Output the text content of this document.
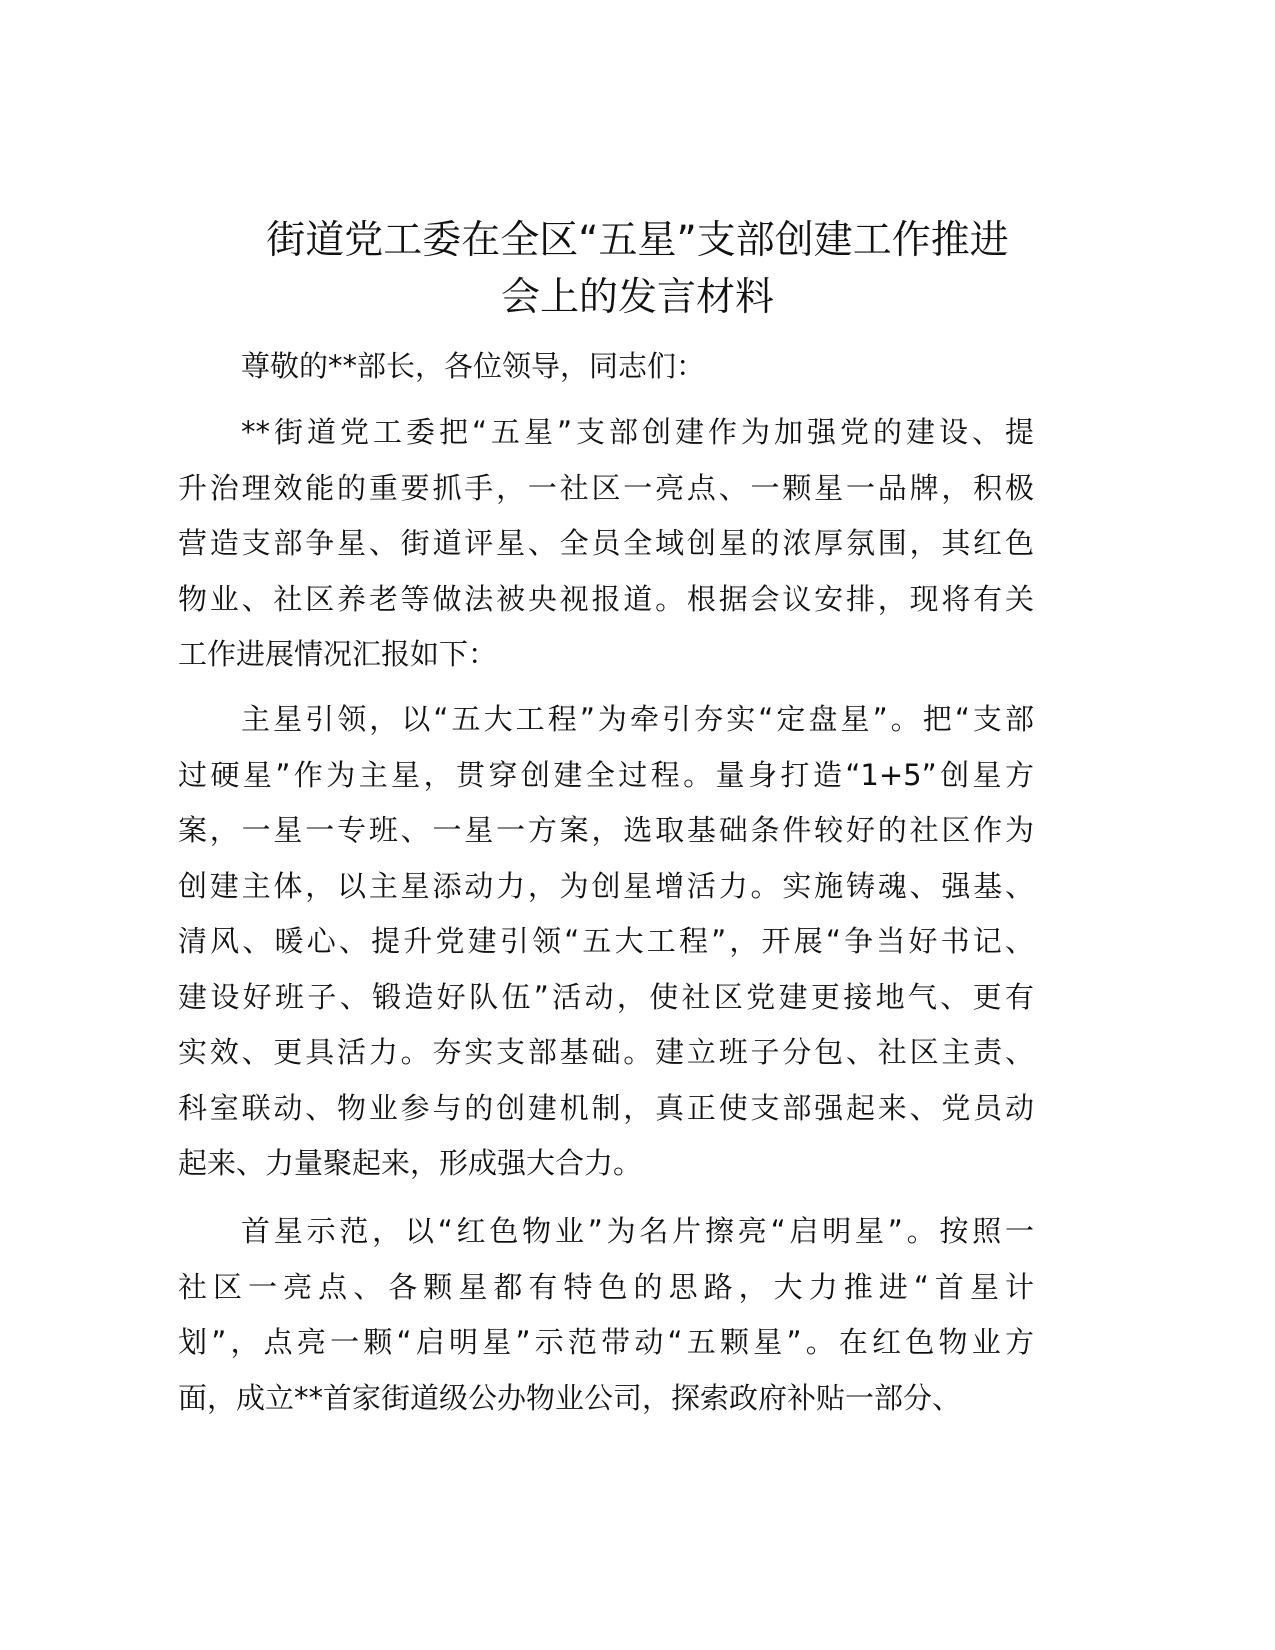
街道党工委在全区“五星”支部创建工作推进
会上的发言材料
尊敬的**部长，各位领导，同志们：
**街道党工委把“五星”支部创建作为加强党的建设、提
升治理效能的重要抓手，一社区一亮点、一颗星一品牌，积极
营造支部争星、街道评星、全员全域创星的浓厚氛围，其红色
物业、社区养老等做法被央视报道。根据会议安排，现将有关
工作进展情况汇报如下：
主星引领，以“五大工程”为牵引夯实“定盘星”。把“支部
过硬星”作为主星，贯穿创建全过程。量身打造“1+5”创星方
案，一星一专班、一星一方案，选取基础条件较好的社区作为
创建主体，以主星添动力，为创星增活力。实施铸魂、强基、
清风、暖心、提升党建引领“五大工程”，开展“争当好书记、
建设好班子、锻造好队伍”活动，使社区党建更接地气、更有
实效、更具活力。夯实支部基础。建立班子分包、社区主责、
科室联动、物业参与的创建机制，真正使支部强起来、党员动
起来、力量聚起来，形成强大合力。
首星示范，以“红色物业”为名片擦亮“启明星”。按照一
社区一亮点、各颗星都有特色的思路，大力推进“首星计
划”，点亮一颗“启明星”示范带动“五颗星”。在红色物业方
面，成立**首家街道级公办物业公司，探索政府补贴一部分、
